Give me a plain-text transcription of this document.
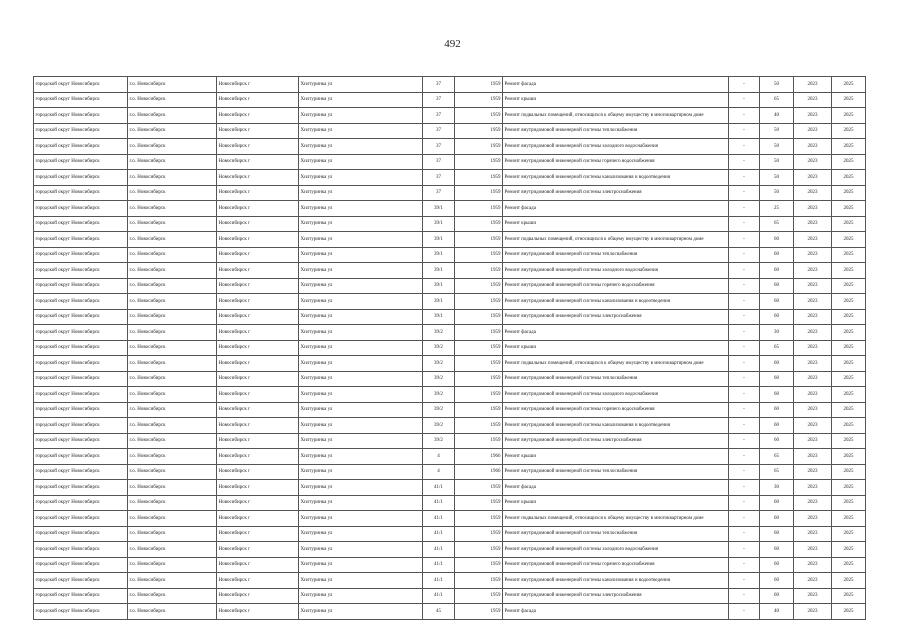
492
городской округ Новосибирск	г.о. Новосибирск	Новосибирск г	Хилтуринка ул	37	1959	Ремонт фасада	-	50	2023	2025
городской округ Новосибирск	г.о. Новосибирск	Новосибирск г	Хилтуринка ул	37	1959	Ремонт крыши	-	65	2023	2025
городской округ Новосибирск	г.о. Новосибирск	Новосибирск г	Хилтуринка ул	37	1959	Ремонт подвальных помещений, относящихся к общему имуществу в многоквартирном доме	-	40	2023	2025
городской округ Новосибирск	г.о. Новосибирск	Новосибирск г	Хилтуринка ул	37	1959	Ремонт внутридомовой инженерной системы теплоснабжения	-	50	2023	2025
городской округ Новосибирск	г.о. Новосибирск	Новосибирск г	Хилтуринка ул	37	1959	Ремонт внутридомовой инженерной системы холодного водоснабжения	-	50	2023	2025
городской округ Новосибирск	г.о. Новосибирск	Новосибирск г	Хилтуринка ул	37	1959	Ремонт внутридомовой инженерной системы горячего водоснабжения	-	50	2023	2025
городской округ Новосибирск	г.о. Новосибирск	Новосибирск г	Хилтуринка ул	37	1959	Ремонт внутридомовой инженерной системы канализования и водоотведения	-	50	2023	2025
городской округ Новосибирск	г.о. Новосибирск	Новосибирск г	Хилтуринка ул	37	1959	Ремонт внутридомовой инженерной системы электроснабжения	-	50	2023	2025
городской округ Новосибирск	г.о. Новосибирск	Новосибирск г	Хилтуринка ул	39/1	1959	Ремонт фасада	-	25	2023	2025
городской округ Новосибирск	г.о. Новосибирск	Новосибирск г	Хилтуринка ул	39/1	1959	Ремонт крыши	-	65	2023	2025
городской округ Новосибирск	г.о. Новосибирск	Новосибирск г	Хилтуринка ул	39/1	1959	Ремонт подвальных помещений, относящихся к общему имуществу в многоквартирном доме	-	60	2023	2025
городской округ Новосибирск	г.о. Новосибирск	Новосибирск г	Хилтуринка ул	39/1	1959	Ремонт внутридомовой инженерной системы теплоснабжения	-	60	2023	2025
городской округ Новосибирск	г.о. Новосибирск	Новосибирск г	Хилтуринка ул	39/1	1959	Ремонт внутридомовой инженерной системы холодного водоснабжения	-	60	2023	2025
городской округ Новосибирск	г.о. Новосибирск	Новосибирск г	Хилтуринка ул	39/1	1959	Ремонт внутридомовой инженерной системы горячего водоснабжения	-	60	2023	2025
городской округ Новосибирск	г.о. Новосибирск	Новосибирск г	Хилтуринка ул	39/1	1959	Ремонт внутридомовой инженерной системы канализования и водоотведения	-	60	2023	2025
городской округ Новосибирск	г.о. Новосибирск	Новосибирск г	Хилтуринка ул	39/1	1959	Ремонт внутридомовой инженерной системы электроснабжения	-	60	2023	2025
городской округ Новосибирск	г.о. Новосибирск	Новосибирск г	Хилтуринка ул	39/2	1959	Ремонт фасада	-	30	2023	2025
городской округ Новосибирск	г.о. Новосибирск	Новосибирск г	Хилтуринка ул	39/2	1959	Ремонт крыши	-	65	2023	2025
городской округ Новосибирск	г.о. Новосибирск	Новосибирск г	Хилтуринка ул	39/2	1959	Ремонт подвальных помещений, относящихся к общему имуществу в многоквартирном доме	-	60	2023	2025
городской округ Новосибирск	г.о. Новосибирск	Новосибирск г	Хилтуринка ул	39/2	1959	Ремонт внутридомовой инженерной системы теплоснабжения	-	60	2023	2025
городской округ Новосибирск	г.о. Новосибирск	Новосибирск г	Хилтуринка ул	39/2	1959	Ремонт внутридомовой инженерной системы холодного водоснабжения	-	60	2023	2025
городской округ Новосибирск	г.о. Новосибирск	Новосибирск г	Хилтуринка ул	39/2	1959	Ремонт внутридомовой инженерной системы горячего водоснабжения	-	60	2023	2025
городской округ Новосибирск	г.о. Новосибирск	Новосибирск г	Хилтуринка ул	39/2	1959	Ремонт внутридомовой инженерной системы канализования и водоотведения	-	60	2023	2025
городской округ Новосибирск	г.о. Новосибирск	Новосибирск г	Хилтуринка ул	39/2	1959	Ремонт внутридомовой инженерной системы электроснабжения	-	60	2023	2025
городской округ Новосибирск	г.о. Новосибирск	Новосибирск г	Хилтуринка ул	4	1966	Ремонт крыши	-	65	2023	2025
городской округ Новосибирск	г.о. Новосибирск	Новосибирск г	Хилтуринка ул	4	1966	Ремонт внутридомовой инженерной системы теплоснабжения	-	65	2023	2025
городской округ Новосибирск	г.о. Новосибирск	Новосибирск г	Хилтуринка ул	41/1	1959	Ремонт фасада	-	30	2023	2025
городской округ Новосибирск	г.о. Новосибирск	Новосибирск г	Хилтуринка ул	41/1	1959	Ремонт крыши	-	60	2023	2025
городской округ Новосибирск	г.о. Новосибирск	Новосибирск г	Хилтуринка ул	41/1	1959	Ремонт подвальных помещений, относящихся к общему имуществу в многоквартирном доме	-	60	2023	2025
городской округ Новосибирск	г.о. Новосибирск	Новосибирск г	Хилтуринка ул	41/1	1959	Ремонт внутридомовой инженерной системы теплоснабжения	-	60	2023	2025
городской округ Новосибирск	г.о. Новосибирск	Новосибирск г	Хилтуринка ул	41/1	1959	Ремонт внутридомовой инженерной системы холодного водоснабжения	-	60	2023	2025
городской округ Новосибирск	г.о. Новосибирск	Новосибирск г	Хилтуринка ул	41/1	1959	Ремонт внутридомовой инженерной системы горячего водоснабжения	-	60	2023	2025
городской округ Новосибирск	г.о. Новосибирск	Новосибирск г	Хилтуринка ул	41/1	1959	Ремонт внутридомовой инженерной системы канализования и водоотведения	-	60	2023	2025
городской округ Новосибирск	г.о. Новосибирск	Новосибирск г	Хилтуринка ул	41/1	1959	Ремонт внутридомовой инженерной системы электроснабжения	-	60	2023	2025
городской округ Новосибирск	г.о. Новосибирск	Новосибирск г	Хилтуринка ул	45	1959	Ремонт фасада	-	40	2023	2025
